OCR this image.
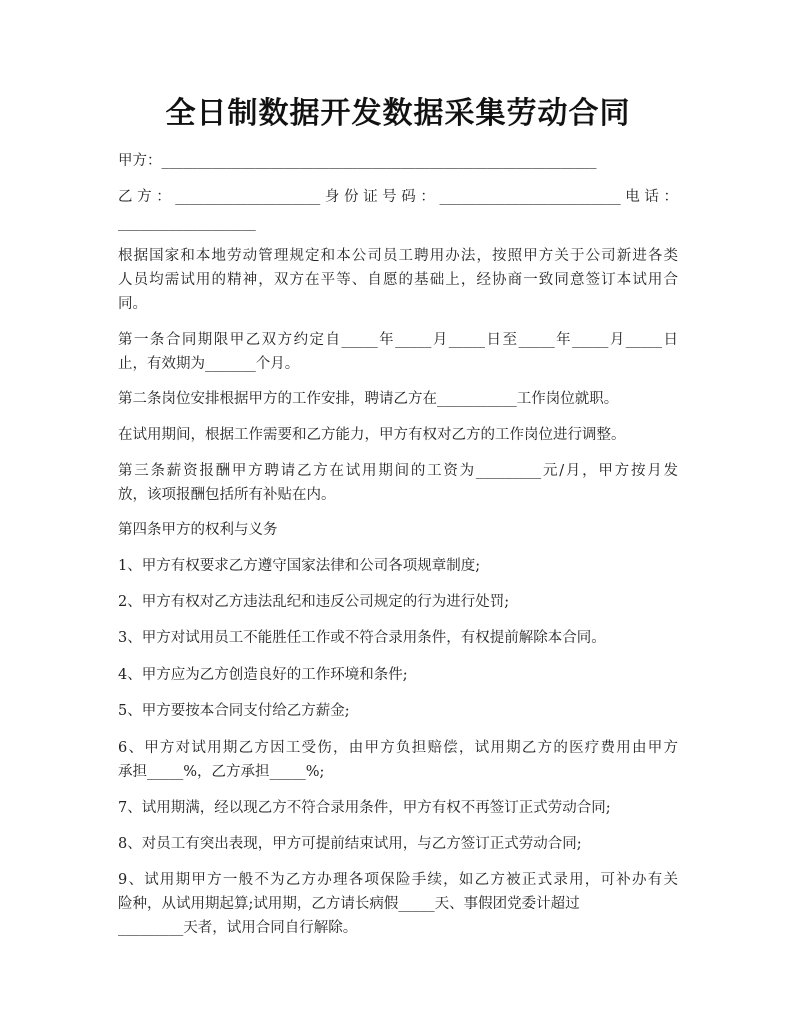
全日制数据开发数据采集劳动合同
甲方：____________________________________________________________
乙方：____________________身份证号码：_________________________电话：
___________________
根据国家和本地劳动管理规定和本公司员工聘用办法，按照甲方关于公司新进各类
人员均需试用的精神，双方在平等、自愿的基础上，经协商一致同意签订本试用合
同。
第一条合同期限甲乙双方约定自_____年_____月_____日至_____年_____月_____日
止，有效期为_______个月。
第二条岗位安排根据甲方的工作安排，聘请乙方在___________工作岗位就职。
在试用期间，根据工作需要和乙方能力，甲方有权对乙方的工作岗位进行调整。
第三条薪资报酬甲方聘请乙方在试用期间的工资为_________元/月，甲方按月发
放，该项报酬包括所有补贴在内。
第四条甲方的权利与义务
1、甲方有权要求乙方遵守国家法律和公司各项规章制度;
2、甲方有权对乙方违法乱纪和违反公司规定的行为进行处罚;
3、甲方对试用员工不能胜任工作或不符合录用条件，有权提前解除本合同。
4、甲方应为乙方创造良好的工作环境和条件;
5、甲方要按本合同支付给乙方薪金;
6、甲方对试用期乙方因工受伤，由甲方负担赔偿，试用期乙方的医疗费用由甲方
承担_____%，乙方承担_____%;
7、试用期满，经以现乙方不符合录用条件，甲方有权不再签订正式劳动合同;
8、对员工有突出表现，甲方可提前结束试用，与乙方签订正式劳动合同;
9、试用期甲方一般不为乙方办理各项保险手续，如乙方被正式录用，可补办有关
险种，从试用期起算;试用期，乙方请长病假_____天、事假团党委计超过
_________天者，试用合同自行解除。
